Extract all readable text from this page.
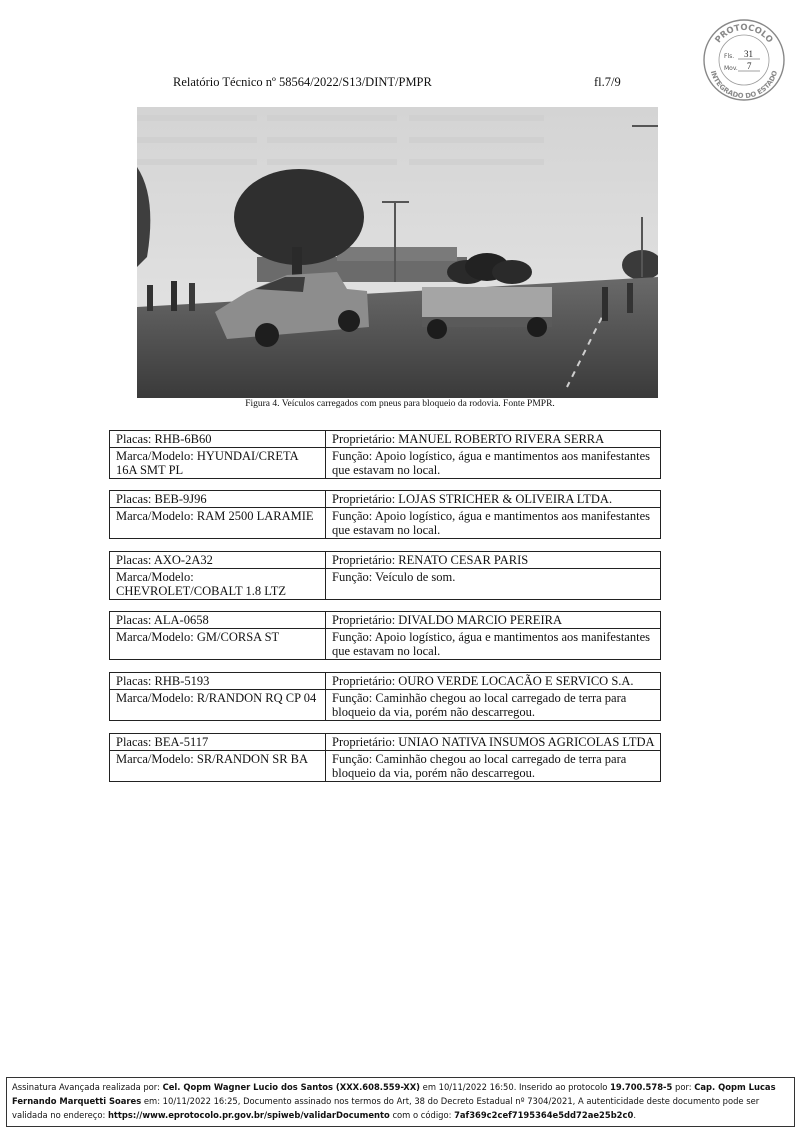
Relatório Técnico nº 58564/2022/S13/DINT/PMPR	fl.7/9
PROTOCOLO
INTEGRADO DO ESTADO
Fls. 31
Mov. 7
Figura 4. Veículos carregados com pneus para bloqueio da rodovia. Fonte PMPR.
Placas: RHB-6B60	Proprietário: MANUEL ROBERTO RIVERA SERRA
Marca/Modelo: HYUNDAI/CRETA 16A SMT PL	Função: Apoio logístico, água e mantimentos aos manifestantes que estavam no local.
Placas: BEB-9J96	Proprietário: LOJAS STRICHER & OLIVEIRA LTDA.
Marca/Modelo: RAM 2500 LARAMIE	Função: Apoio logístico, água e mantimentos aos manifestantes que estavam no local.
Placas: AXO-2A32	Proprietário: RENATO CESAR PARIS
Marca/Modelo: CHEVROLET/COBALT 1.8 LTZ	Função: Veículo de som.
Placas: ALA-0658	Proprietário: DIVALDO MARCIO PEREIRA
Marca/Modelo: GM/CORSA ST	Função: Apoio logístico, água e mantimentos aos manifestantes que estavam no local.
Placas: RHB-5193	Proprietário: OURO VERDE LOCACÃO E SERVICO S.A.
Marca/Modelo: R/RANDON RQ CP 04	Função: Caminhão chegou ao local carregado de terra para bloqueio da via, porém não descarregou.
Placas: BEA-5117	Proprietário: UNIAO NATIVA INSUMOS AGRICOLAS LTDA
Marca/Modelo: SR/RANDON SR BA	Função: Caminhão chegou ao local carregado de terra para bloqueio da via, porém não descarregou.
Assinatura Avançada realizada por: Cel. Qopm Wagner Lucio dos Santos (XXX.608.559-XX) em 10/11/2022 16:50. Inserido ao protocolo 19.700.578-5 por: Cap. Qopm Lucas Fernando Marquetti Soares em: 10/11/2022 16:25, Documento assinado nos termos do Art, 38 do Decreto Estadual nº 7304/2021, A autenticidade deste documento pode ser validada no endereço: https://www.eprotocolo.pr.gov.br/spiweb/validarDocumento com o código: 7af369c2cef7195364e5dd72ae25b2c0.
